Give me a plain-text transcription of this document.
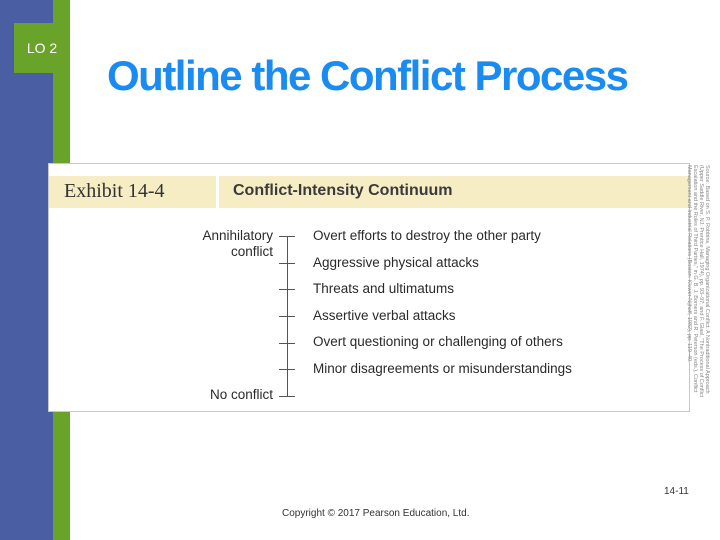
LO 2
Outline the Conflict Process
Exhibit 14-4	Conflict-Intensity Continuum
Annihilatory
conflict
No conflict
Overt efforts to destroy the other party
Aggressive physical attacks
Threats and ultimatums
Assertive verbal attacks
Overt questioning or challenging of others
Minor disagreements or misunderstandings	Source: Based on S. P. Robbins, Managing Organizational Conflict: A Nontraditional Approach (Upper Saddle River, NJ: Prentice Hall, 1974), pp. 93–97; and F. Glasl, "The Process of Conflict Escalation and the Roles of Third Parties," in G. B. J. Bomers and R. Peterson (eds.), Conflict Management and Industrial Relations (Boston: Kluwer-Nijhoff, 1982), pp. 119–40.
14-11
Copyright © 2017 Pearson Education, Ltd.
